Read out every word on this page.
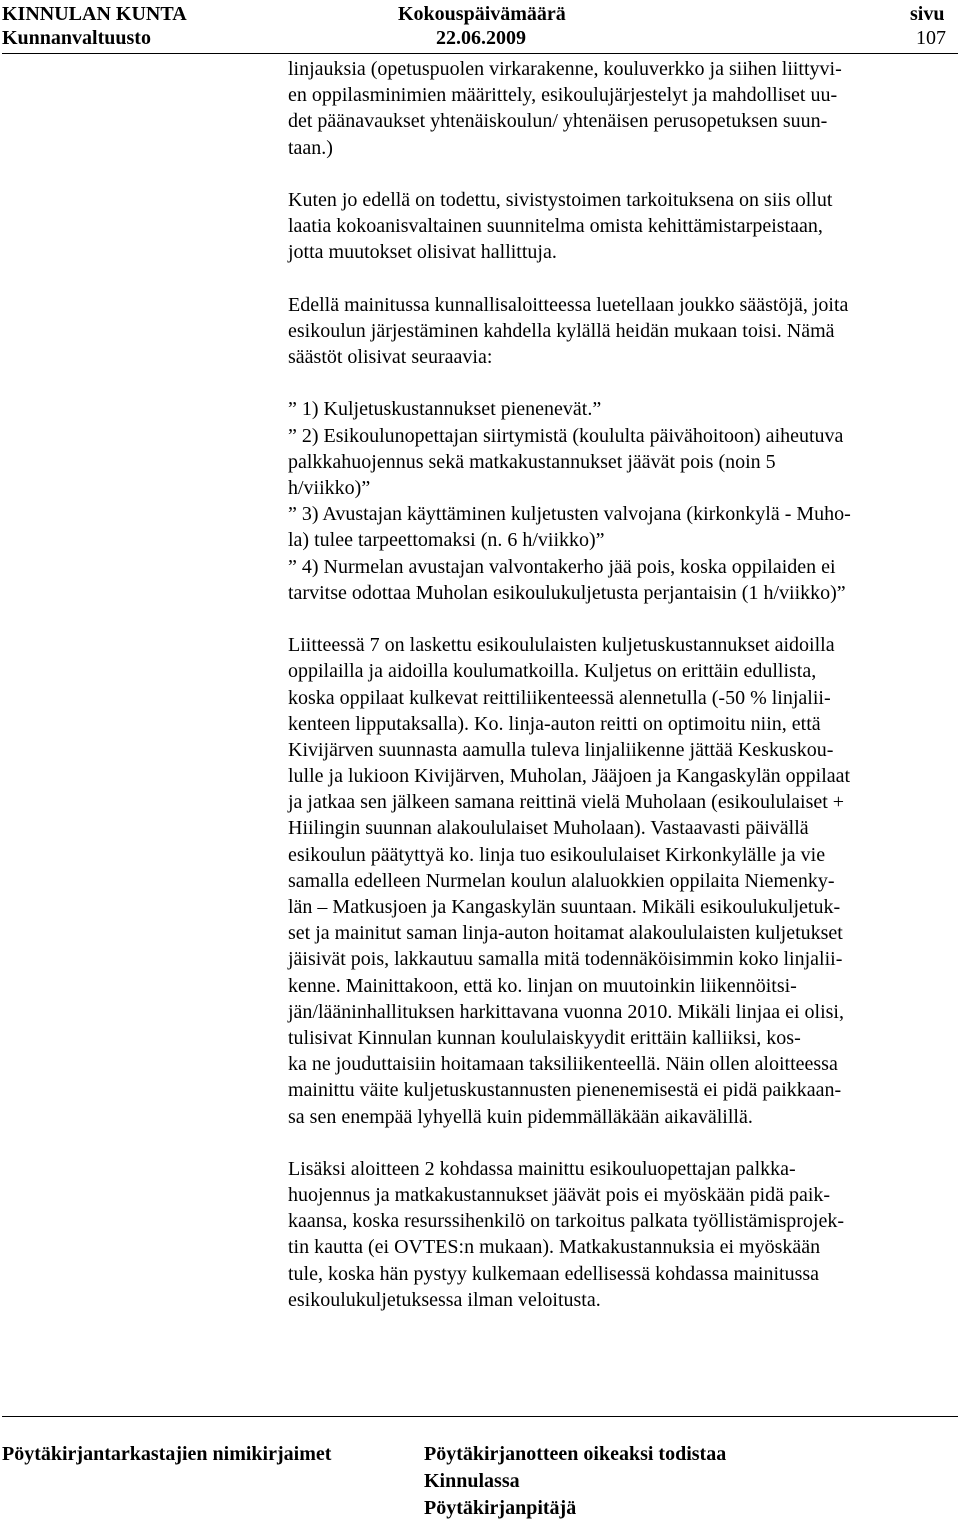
KINNULAN KUNTA
Kunnanvaltuusto
Kokouspäivämäärä
22.06.2009
sivu
107
linjauksia (opetuspuolen virkarakenne, kouluverkko ja siihen liittyvi-
en oppilasminimien määrittely, esikoulujärjestelyt ja mahdolliset uu-
det päänavaukset yhtenäiskoulun/ yhtenäisen perusopetuksen suun-
taan.)
Kuten jo edellä on todettu, sivistystoimen tarkoituksena on siis ollut
laatia kokoanisvaltainen suunnitelma omista kehittämistarpeistaan,
jotta muutokset olisivat hallittuja.
Edellä mainitussa kunnallisaloitteessa luetellaan joukko säästöjä, joita
esikoulun järjestäminen kahdella kylällä heidän mukaan toisi. Nämä
säästöt olisivat seuraavia:
” 1) Kuljetuskustannukset pienenevät.”
” 2) Esikoulunopettajan siirtymistä (koululta päivähoitoon) aiheutuva
palkkahuojennus sekä matkakustannukset jäävät pois (noin 5
h/viikko)”
” 3) Avustajan käyttäminen kuljetusten valvojana (kirkonkylä - Muho-
la) tulee tarpeettomaksi (n. 6 h/viikko)”
” 4) Nurmelan avustajan valvontakerho jää pois, koska oppilaiden ei
tarvitse odottaa Muholan esikoulukuljetusta perjantaisin (1 h/viikko)”
Liitteessä 7 on laskettu esikoululaisten kuljetuskustannukset aidoilla
oppilailla ja aidoilla koulumatkoilla. Kuljetus on erittäin edullista,
koska oppilaat kulkevat reittiliikenteessä alennetulla (-50 % linjalii-
kenteen lipputaksalla). Ko. linja-auton reitti on optimoitu niin, että
Kivijärven suunnasta aamulla tuleva linjaliikenne jättää Keskuskou-
lulle ja lukioon Kivijärven, Muholan, Jääjoen ja Kangaskylän oppilaat
ja jatkaa sen jälkeen samana reittinä vielä Muholaan (esikoululaiset +
Hiilingin suunnan alakoululaiset Muholaan). Vastaavasti päivällä
esikoulun päätyttyä ko. linja tuo esikoululaiset Kirkonkylälle ja vie
samalla edelleen Nurmelan koulun alaluokkien oppilaita Niemenky-
län – Matkusjoen ja Kangaskylän suuntaan. Mikäli esikoulukuljetuk-
set ja mainitut saman linja-auton hoitamat alakoululaisten kuljetukset
jäisivät pois, lakkautuu samalla mitä todennäköisimmin koko linjalii-
kenne. Mainittakoon, että ko. linjan on muutoinkin liikennöitsi-
jän/lääninhallituksen harkittavana vuonna 2010. Mikäli linjaa ei olisi,
tulisivat Kinnulan kunnan koululaiskyydit erittäin kalliiksi, kos-
ka ne jouduttaisiin hoitamaan taksiliikenteellä. Näin ollen aloitteessa
mainittu väite kuljetuskustannusten pienenemisestä ei pidä paikkaan-
sa sen enempää lyhyellä kuin pidemmälläkään aikavälillä.
Lisäksi aloitteen 2 kohdassa mainittu esikouluopettajan palkka-
huojennus ja matkakustannukset jäävät pois ei myöskään pidä paik-
kaansa, koska resurssihenkilö on tarkoitus palkata työllistämisprojek-
tin kautta (ei OVTES:n mukaan). Matkakustannuksia ei myöskään
tule, koska hän pystyy kulkemaan edellisessä kohdassa mainitussa
esikoulukuljetuksessa ilman veloitusta.
Pöytäkirjantarkastajien nimikirjaimet	Pöytäkirjanotteen oikeaksi todistaa
Kinnulassa
Pöytäkirjanpitäjä
